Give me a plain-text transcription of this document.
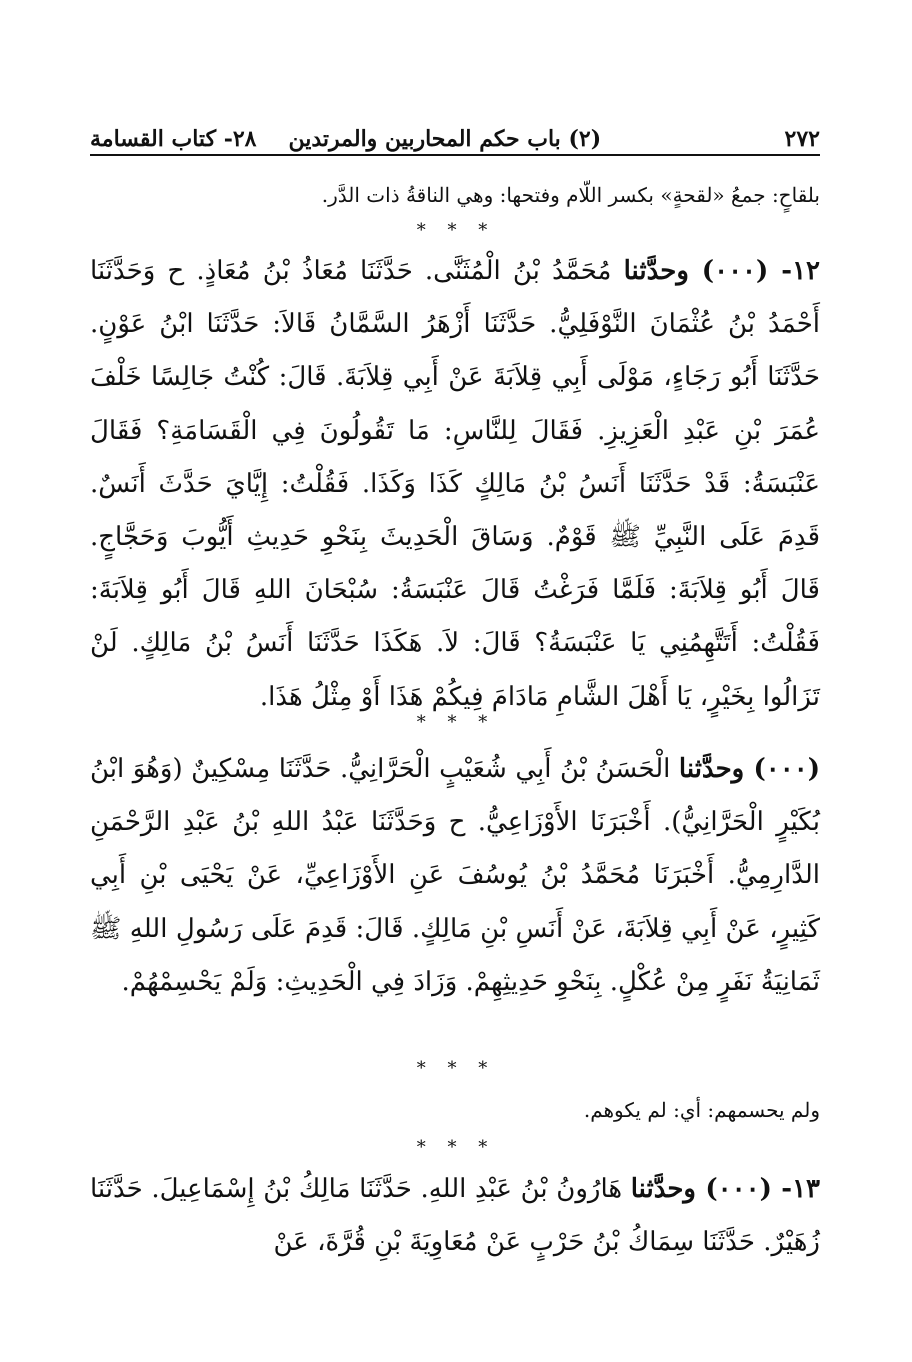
٢٧٢
(٢) باب حكم المحاربين والمرتدين
٢٨- كتاب القسامة
بلقاحٍ: جمعُ «لقحةٍ» بكسر اللّام وفتحها: وهي الناقةُ ذات الدَّر.
* * *
١٢- (٠٠٠) وحدَّثنا مُحَمَّدُ بْنُ الْمُثَنَّى. حَدَّثَنَا مُعَاذُ بْنُ مُعَاذٍ. ح وَحَدَّثَنَا أَحْمَدُ بْنُ عُثْمَانَ النَّوْفَلِيُّ. حَدَّثَنَا أَزْهَرُ السَّمَّانُ قَالاَ: حَدَّثَنَا ابْنُ عَوْنٍ. حَدَّثَنَا أَبُو رَجَاءٍ، مَوْلَى أَبِي قِلاَبَةَ عَنْ أَبِي قِلاَبَةَ. قَالَ: كُنْتُ جَالِسًا خَلْفَ عُمَرَ بْنِ عَبْدِ الْعَزِيزِ. فَقَالَ لِلنَّاسِ: مَا تَقُولُونَ فِي الْقَسَامَةِ؟ فَقَالَ عَنْبَسَةُ: قَدْ حَدَّثَنَا أَنَسُ بْنُ مَالِكٍ كَذَا وَكَذَا. فَقُلْتُ: إِيَّايَ حَدَّثَ أَنَسٌ. قَدِمَ عَلَى النَّبِيِّ ﷺ قَوْمٌ. وَسَاقَ الْحَدِيثَ بِنَحْوِ حَدِيثِ أَيُّوبَ وَحَجَّاجٍ. قَالَ أَبُو قِلاَبَةَ: فَلَمَّا فَرَغْتُ قَالَ عَنْبَسَةُ: سُبْحَانَ اللهِ قَالَ أَبُو قِلاَبَةَ: فَقُلْتُ: أَتَتَّهِمُنِي يَا عَنْبَسَةُ؟ قَالَ: لاَ. هَكَذَا حَدَّثَنَا أَنَسُ بْنُ مَالِكٍ. لَنْ تَزَالُوا بِخَيْرٍ، يَا أَهْلَ الشَّامِ مَادَامَ فِيكُمْ هَذَا أَوْ مِثْلُ هَذَا.
* * *
(٠٠٠) وحدَّثنا الْحَسَنُ بْنُ أَبِي شُعَيْبٍ الْحَرَّانِيُّ. حَدَّثَنَا مِسْكِينٌ (وَهُوَ ابْنُ بُكَيْرٍ الْحَرَّانِيُّ). أَخْبَرَنَا الأَوْزَاعِيُّ. ح وَحَدَّثَنَا عَبْدُ اللهِ بْنُ عَبْدِ الرَّحْمَنِ الدَّارِمِيُّ. أَخْبَرَنَا مُحَمَّدُ بْنُ يُوسُفَ عَنِ الأَوْزَاعِيِّ، عَنْ يَحْيَى بْنِ أَبِي كَثِيرٍ، عَنْ أَبِي قِلاَبَةَ، عَنْ أَنَسِ بْنِ مَالِكٍ. قَالَ: قَدِمَ عَلَى رَسُولِ اللهِ ﷺ ثَمَانِيَةُ نَفَرٍ مِنْ عُكْلٍ. بِنَحْوِ حَدِيثِهِمْ. وَزَادَ فِي الْحَدِيثِ: وَلَمْ يَحْسِمْهُمْ.
* * *
ولم يحسمهم: أي: لم يكوهم.
* * *
١٣- (٠٠٠) وحدَّثنا هَارُونُ بْنُ عَبْدِ اللهِ. حَدَّثَنَا مَالِكُ بْنُ إِسْمَاعِيلَ. حَدَّثَنَا زُهَيْرٌ. حَدَّثَنَا سِمَاكُ بْنُ حَرْبٍ عَنْ مُعَاوِيَةَ بْنِ قُرَّةَ، عَنْ
